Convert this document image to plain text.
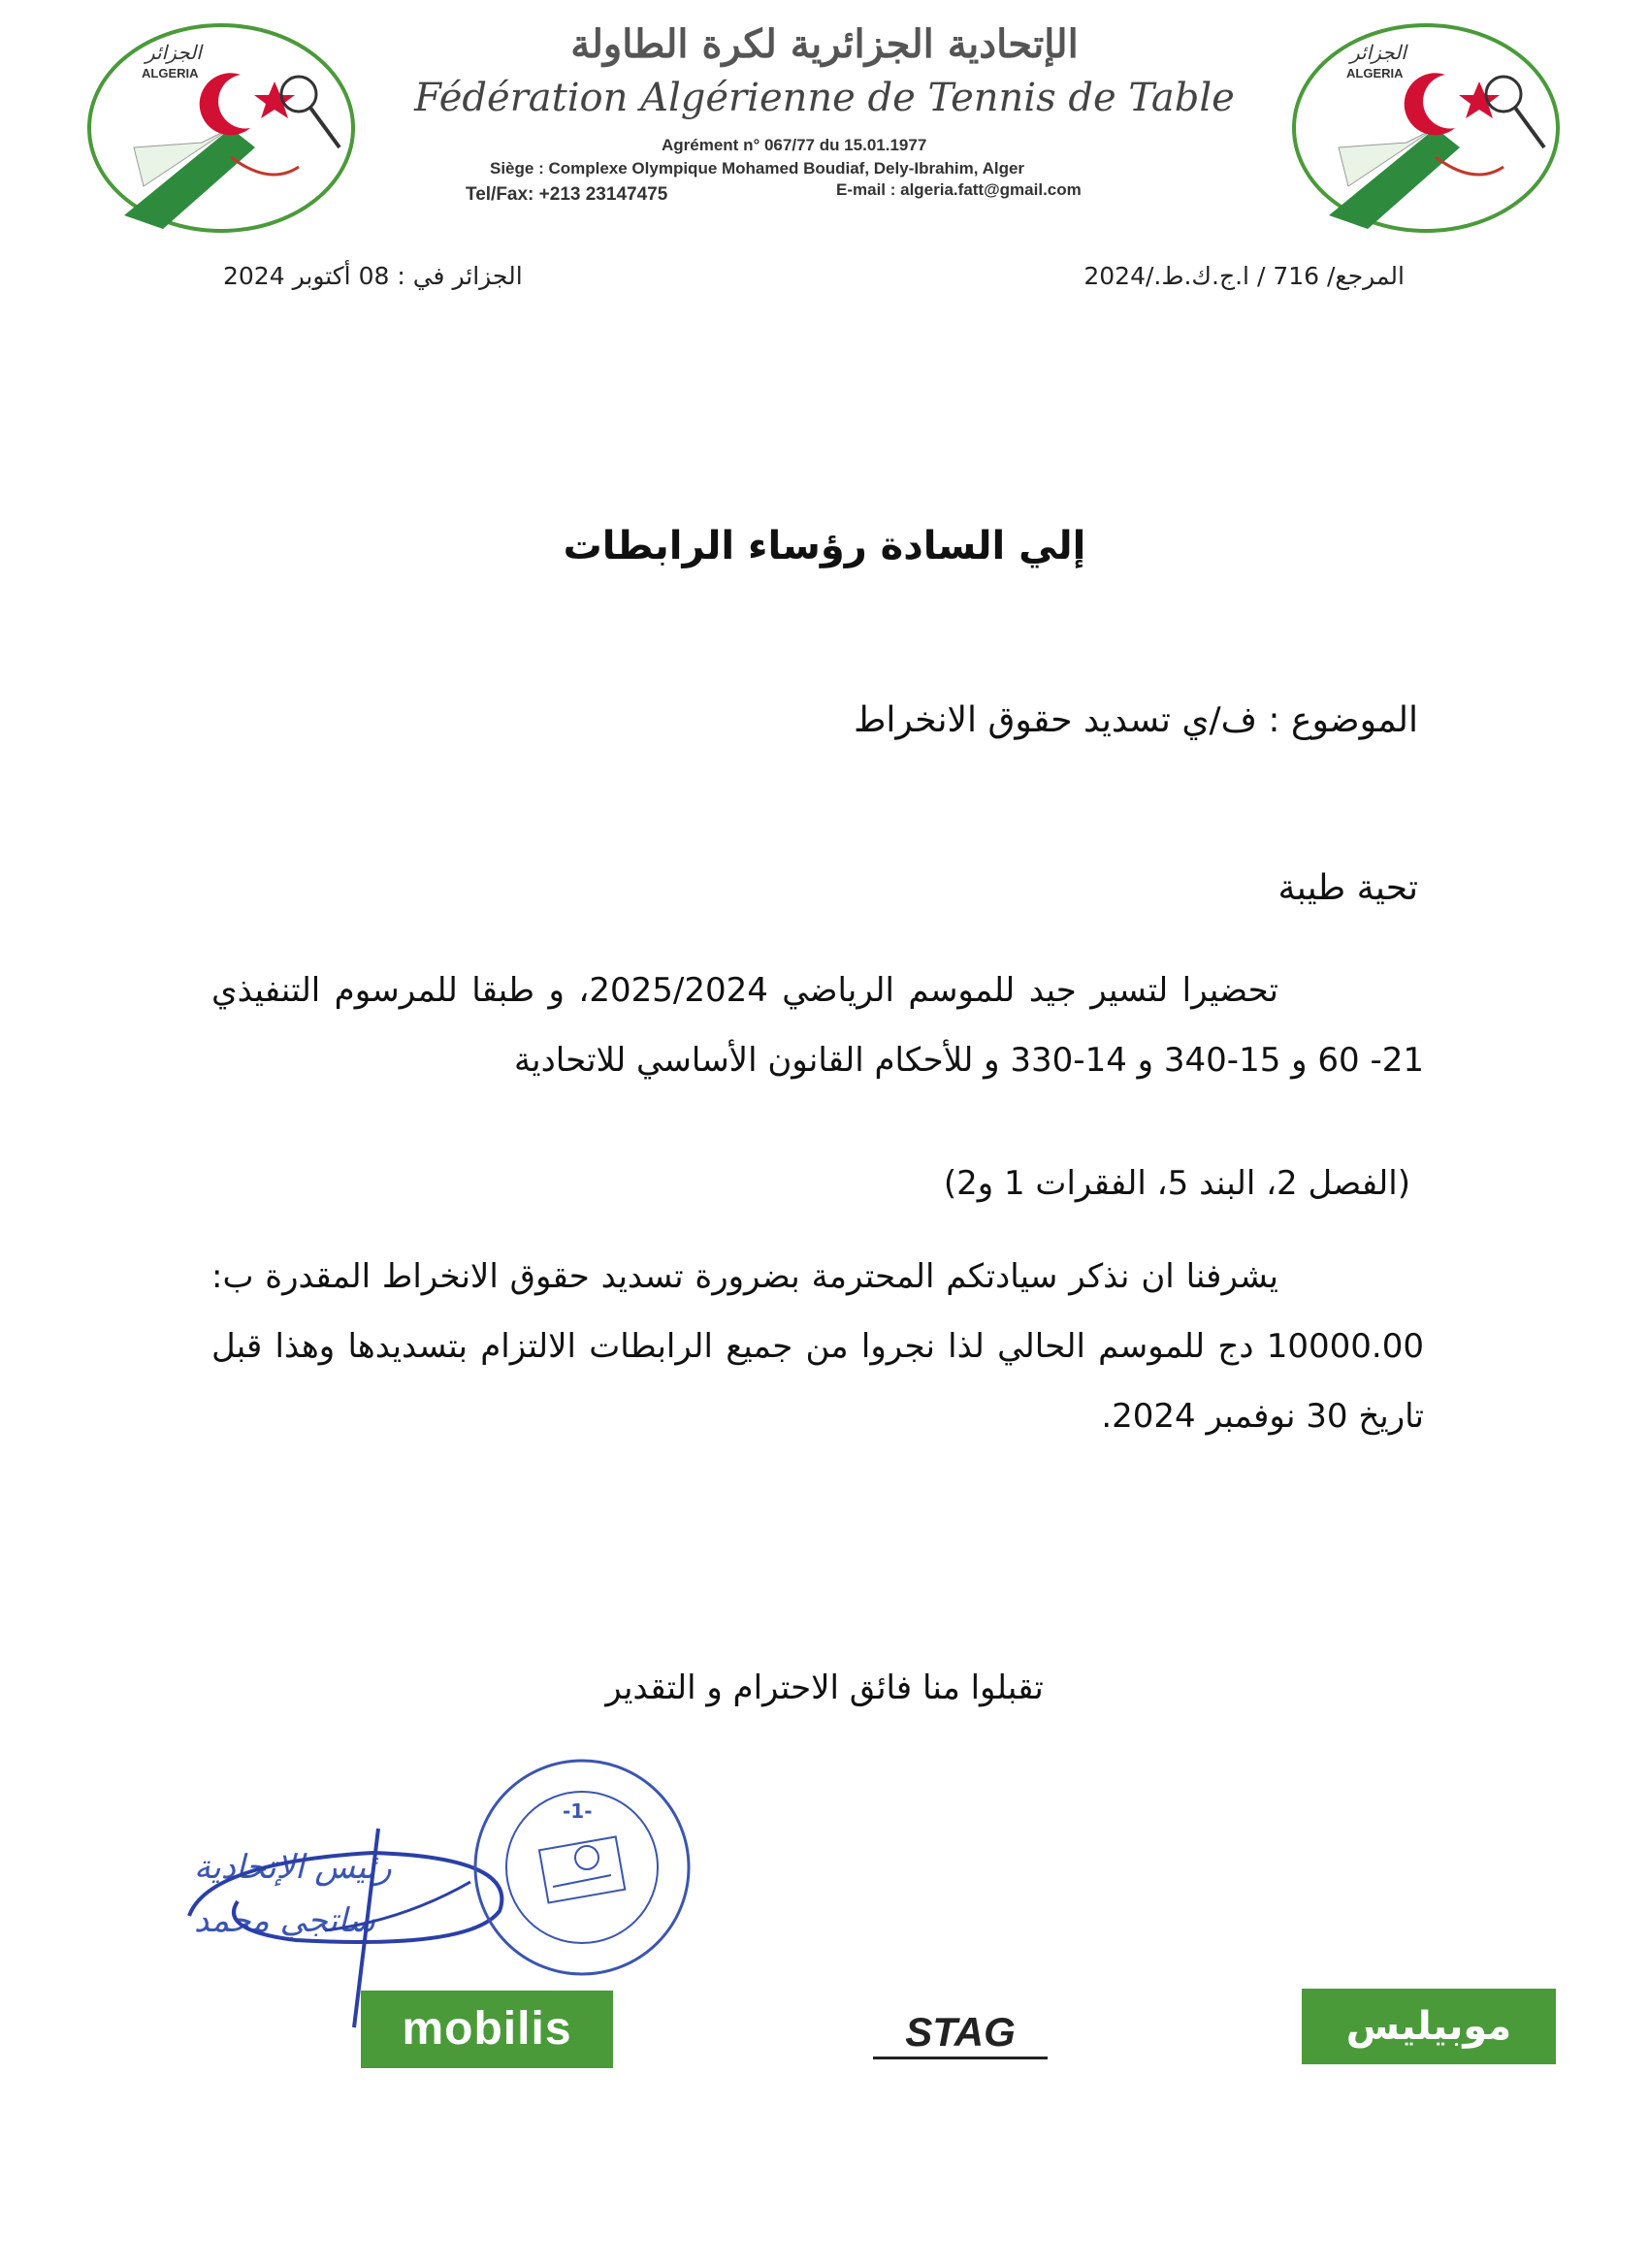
الجزائر
ALGERIA
الجزائر
ALGERIA
الإتحادية الجزائرية لكرة الطاولة
Fédération Algérienne de Tennis de Table
Agrément n° 067/77 du 15.01.1977
Siège : Complexe Olympique Mohamed Boudiaf, Dely-Ibrahim, Alger
Tel/Fax: +213 23147475	E-mail : algeria.fatt@gmail.com
الجزائر في : 08 أكتوبر 2024	المرجع/ 716 / ا.ج.ك.ط./2024
إلي السادة رؤساء الرابطات
الموضوع : ف/ي تسديد حقوق الانخراط
تحية طيبة
تحضيرا لتسير جيد للموسم الرياضي 2025/2024، و طبقا للمرسوم التنفيذي 21- 60 و 15-340 و 14-330 و للأحكام القانون الأساسي للاتحادية
(الفصل 2، البند 5، الفقرات 1 و2)
يشرفنا ان نذكر سيادتكم المحترمة بضرورة تسديد حقوق الانخراط المقدرة ب: 10000.00 دج للموسم الحالي لذا نجروا من جميع الرابطات الالتزام بتسديدها وهذا قبل تاريخ 30 نوفمبر 2024.
تقبلوا منا فائق الاحترام و التقدير
رئيس الإتحادية
ساتجي محمد
-1-
mobilis	STAG	موبيليس
